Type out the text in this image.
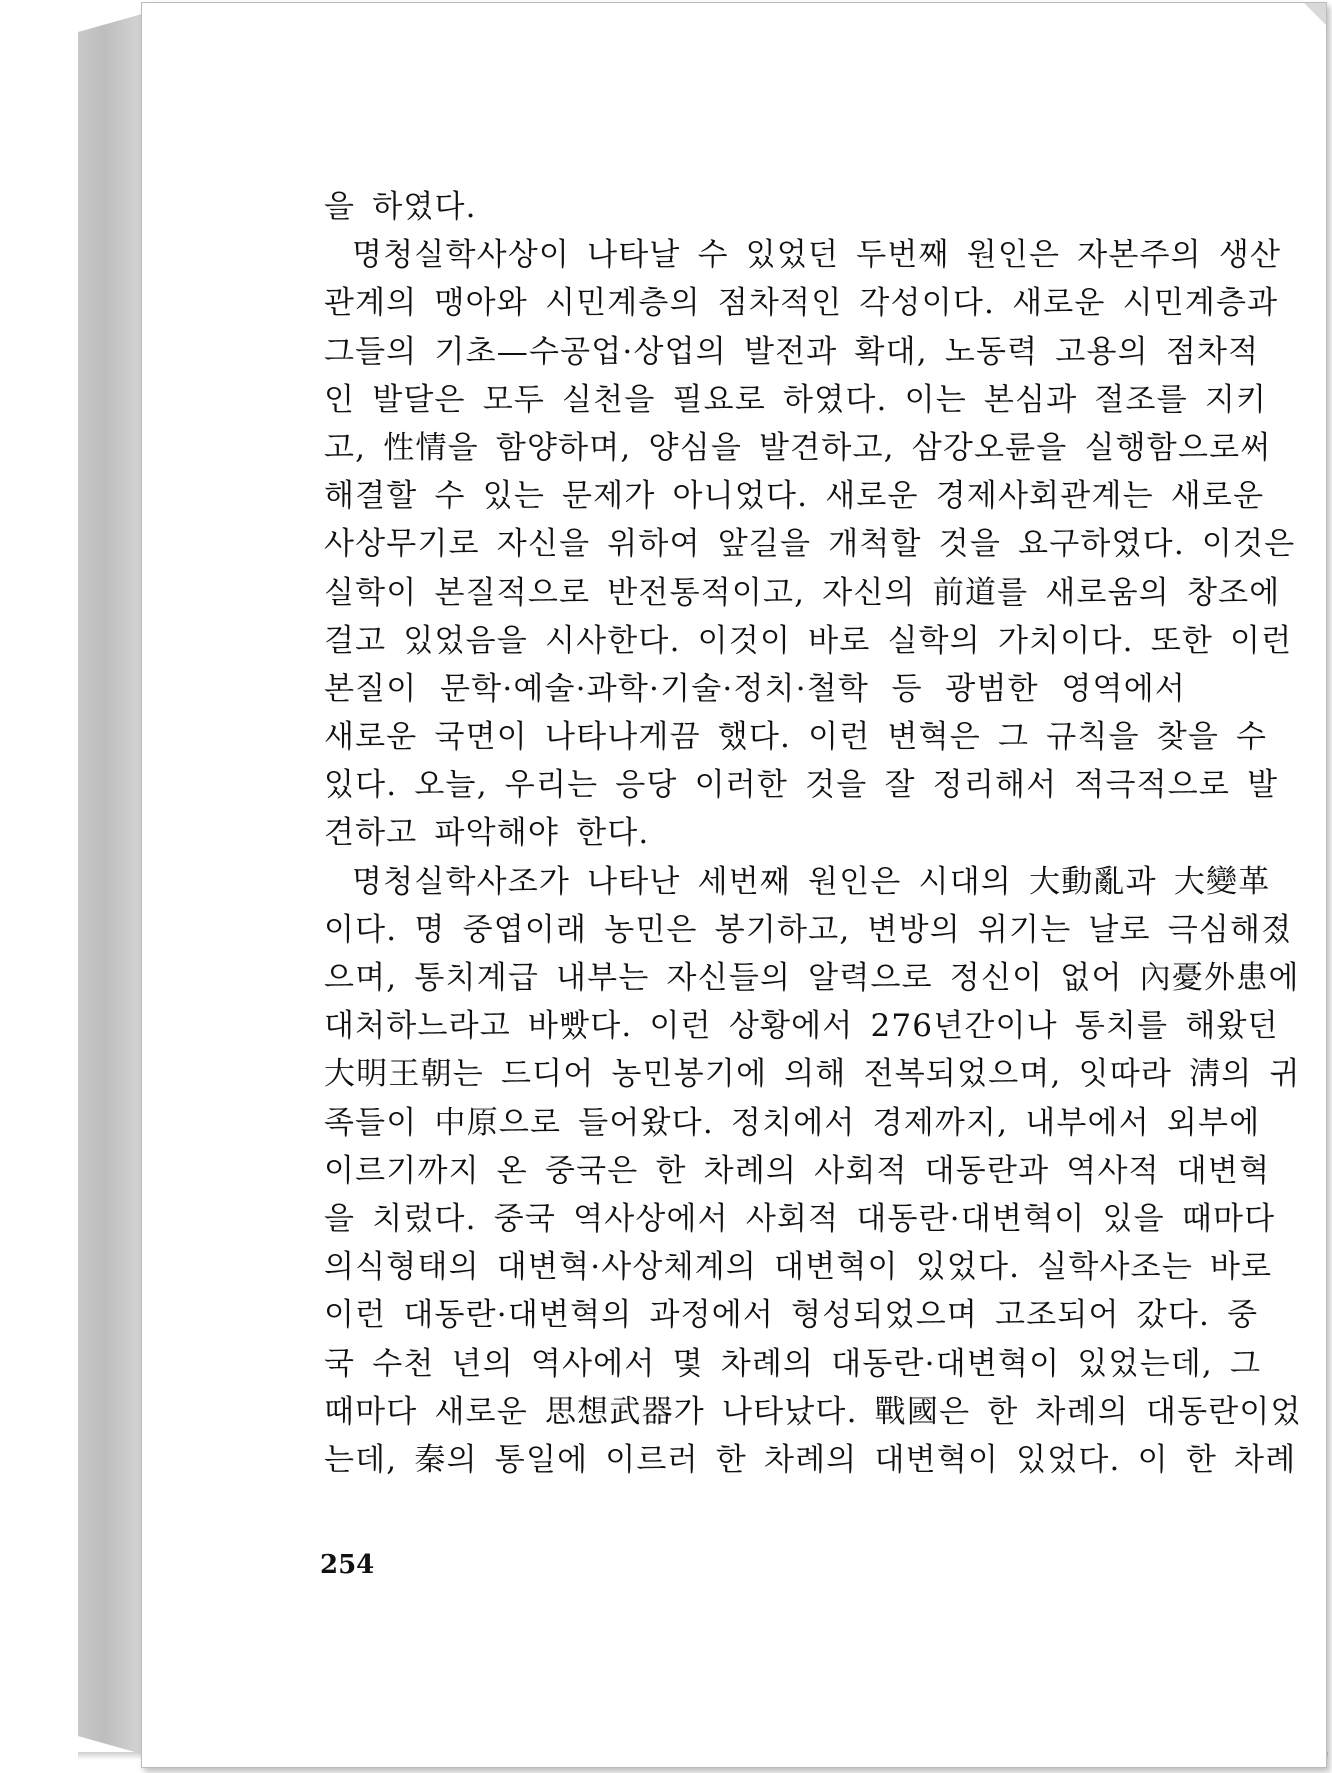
을 하였다.
명청실학사상이 나타날 수 있었던 두번째 원인은 자본주의 생산
관계의 맹아와 시민계층의 점차적인 각성이다. 새로운 시민계층과
그들의 기초—수공업·상업의 발전과 확대, 노동력 고용의 점차적
인 발달은 모두 실천을 필요로 하였다. 이는 본심과 절조를 지키
고, 性情을 함양하며, 양심을 발견하고, 삼강오륜을 실행함으로써
해결할 수 있는 문제가 아니었다. 새로운 경제사회관계는 새로운
사상무기로 자신을 위하여 앞길을 개척할 것을 요구하였다. 이것은
실학이 본질적으로 반전통적이고, 자신의 前道를 새로움의 창조에
걸고 있었음을 시사한다. 이것이 바로 실학의 가치이다. 또한 이런
본질이 문학·예술·과학·기술·정치·철학 등 광범한 영역에서
새로운 국면이 나타나게끔 했다. 이런 변혁은 그 규칙을 찾을 수
있다. 오늘, 우리는 응당 이러한 것을 잘 정리해서 적극적으로 발
견하고 파악해야 한다.
명청실학사조가 나타난 세번째 원인은 시대의 大動亂과 大變革
이다. 명 중엽이래 농민은 봉기하고, 변방의 위기는 날로 극심해졌
으며, 통치계급 내부는 자신들의 알력으로 정신이 없어 內憂外患에
대처하느라고 바빴다. 이런 상황에서 276년간이나 통치를 해왔던
大明王朝는 드디어 농민봉기에 의해 전복되었으며, 잇따라 淸의 귀
족들이 中原으로 들어왔다. 정치에서 경제까지, 내부에서 외부에
이르기까지 온 중국은 한 차례의 사회적 대동란과 역사적 대변혁
을 치렀다. 중국 역사상에서 사회적 대동란·대변혁이 있을 때마다
의식형태의 대변혁·사상체계의 대변혁이 있었다. 실학사조는 바로
이런 대동란·대변혁의 과정에서 형성되었으며 고조되어 갔다. 중
국 수천 년의 역사에서 몇 차례의 대동란·대변혁이 있었는데, 그
때마다 새로운 思想武器가 나타났다. 戰國은 한 차례의 대동란이었
는데, 秦의 통일에 이르러 한 차례의 대변혁이 있었다. 이 한 차례
254
